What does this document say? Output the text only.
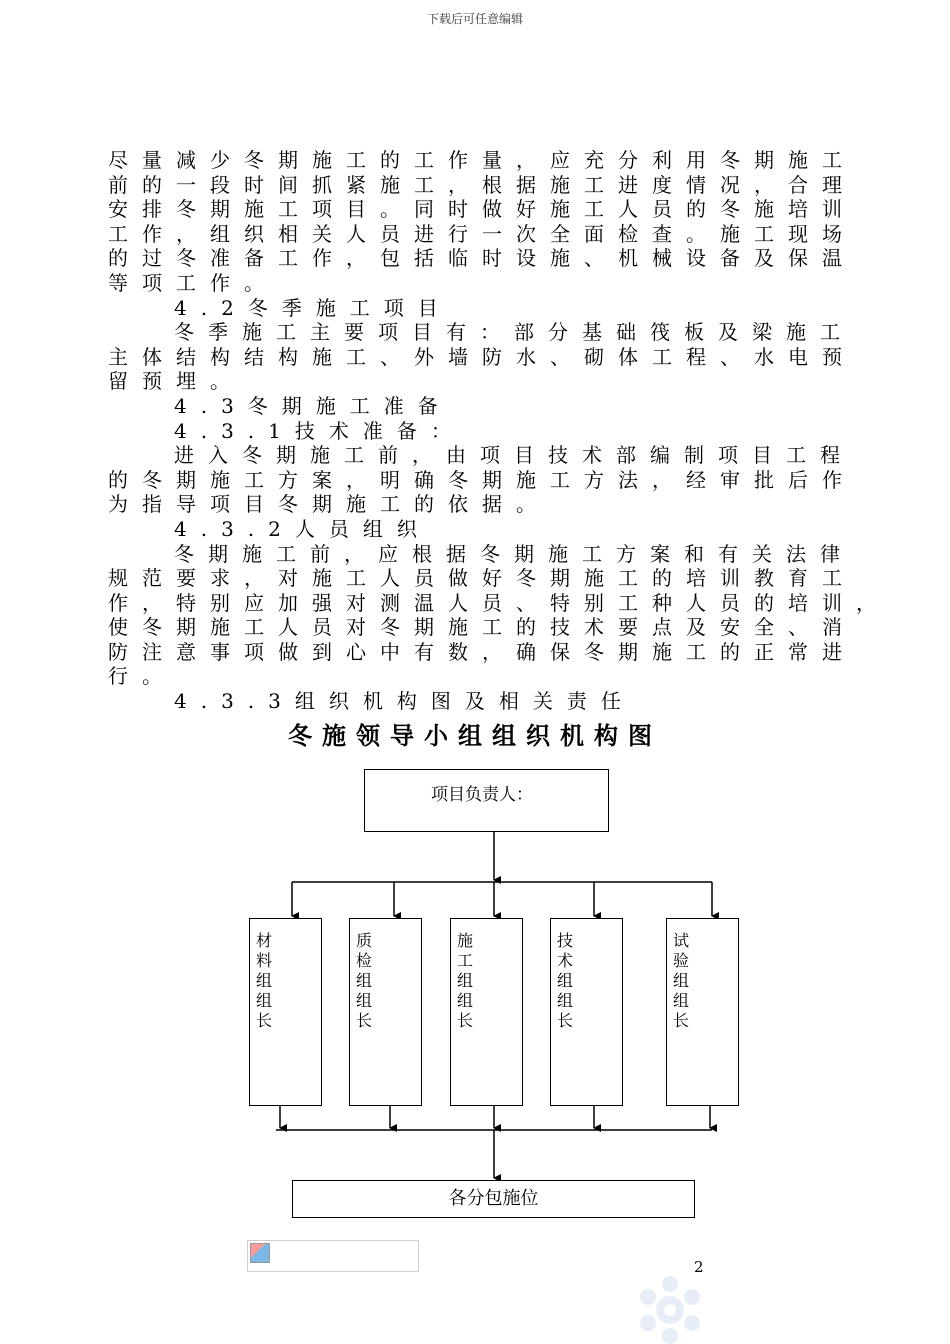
下载后可任意编辑
尽量减少冬期施工的工作量，应充分利用冬期施工
前的一段时间抓紧施工，根据施工进度情况，合理
安排冬期施工项目。同时做好施工人员的冬施培训
工作，组织相关人员进行一次全面检查。施工现场
的过冬准备工作，包括临时设施、机械设备及保温
等项工作。
4.2冬季施工项目
冬季施工主要项目有：部分基础筏板及梁施工
主体结构结构施工、外墙防水、砌体工程、水电预
留预埋。
4.3冬期施工准备
4.3.1技术准备：
进入冬期施工前，由项目技术部编制项目工程
的冬期施工方案，明确冬期施工方法，经审批后作
为指导项目冬期施工的依据。
4.3.2人员组织
冬期施工前，应根据冬期施工方案和有关法律
规范要求，对施工人员做好冬期施工的培训教育工
作，特别应加强对测温人员、特别工种人员的培训，
使冬期施工人员对冬期施工的技术要点及安全、消
防注意事项做到心中有数，确保冬期施工的正常进
行。
4.3.3组织机构图及相关责任
冬施领导小组组织机构图
项目负责人：
材料组组长
质检组组长
施工组组长
技术组组长
试验组组长
各分包施位
2
